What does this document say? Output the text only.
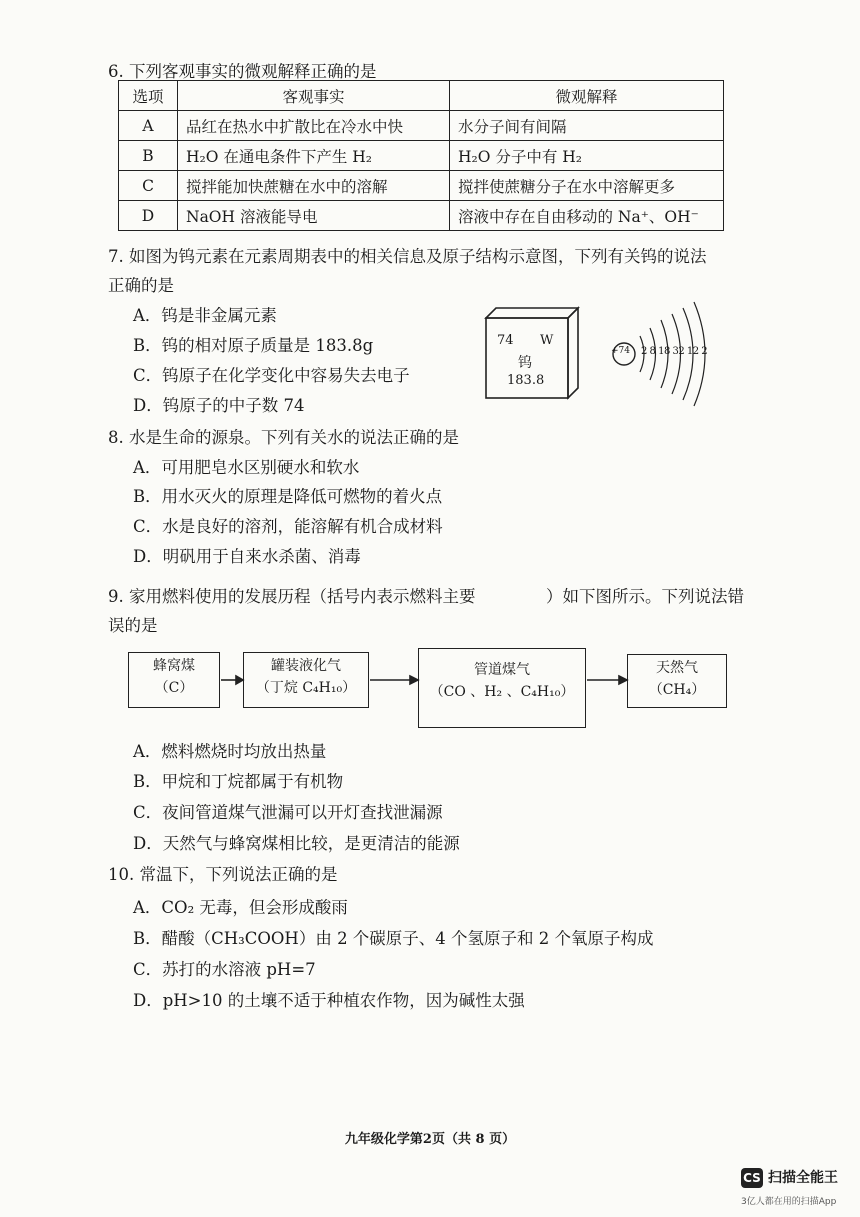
6. 下列客观事实的微观解释正确的是
选项	客观事实	微观解释
A	品红在热水中扩散比在冷水中快	水分子间有间隔
B	H₂O 在通电条件下产生 H₂	H₂O 分子中有 H₂
C	搅拌能加快蔗糖在水中的溶解	搅拌使蔗糖分子在水中溶解更多
D	NaOH 溶液能导电	溶液中存在自由移动的 Na⁺、OH⁻
7. 如图为钨元素在元素周期表中的相关信息及原子结构示意图，下列有关钨的说法
正确的是
A．钨是非金属元素
B．钨的相对原子质量是 183.8g
C．钨原子在化学变化中容易失去电子
D．钨原子的中子数 74
74 W
钨
183.8
+74 2 8 18 32 12 2
8. 水是生命的源泉。下列有关水的说法正确的是
A．可用肥皂水区别硬水和软水
B．用水灭火的原理是降低可燃物的着火点
C．水是良好的溶剂，能溶解有机合成材料
D．明矾用于自来水杀菌、消毒
9. 家用燃料使用的发展历程（括号内表示燃料主要	）如下图所示。下列说法错
误的是
蜂窝煤
（C）
罐装液化气
（丁烷 C₄H₁₀）
管道煤气
（CO 、H₂ 、C₄H₁₀）
天然气
（CH₄）
A．燃料燃烧时均放出热量
B．甲烷和丁烷都属于有机物
C．夜间管道煤气泄漏可以开灯查找泄漏源
D．天然气与蜂窝煤相比较，是更清洁的能源
10. 常温下，下列说法正确的是
A．CO₂ 无毒，但会形成酸雨
B．醋酸（CH₃COOH）由 2 个碳原子、4 个氢原子和 2 个氧原子构成
C．苏打的水溶液 pH=7
D．pH>10 的土壤不适于种植农作物，因为碱性太强
九年级化学第2页（共 8 页）
CS 扫描全能王
3亿人都在用的扫描App
